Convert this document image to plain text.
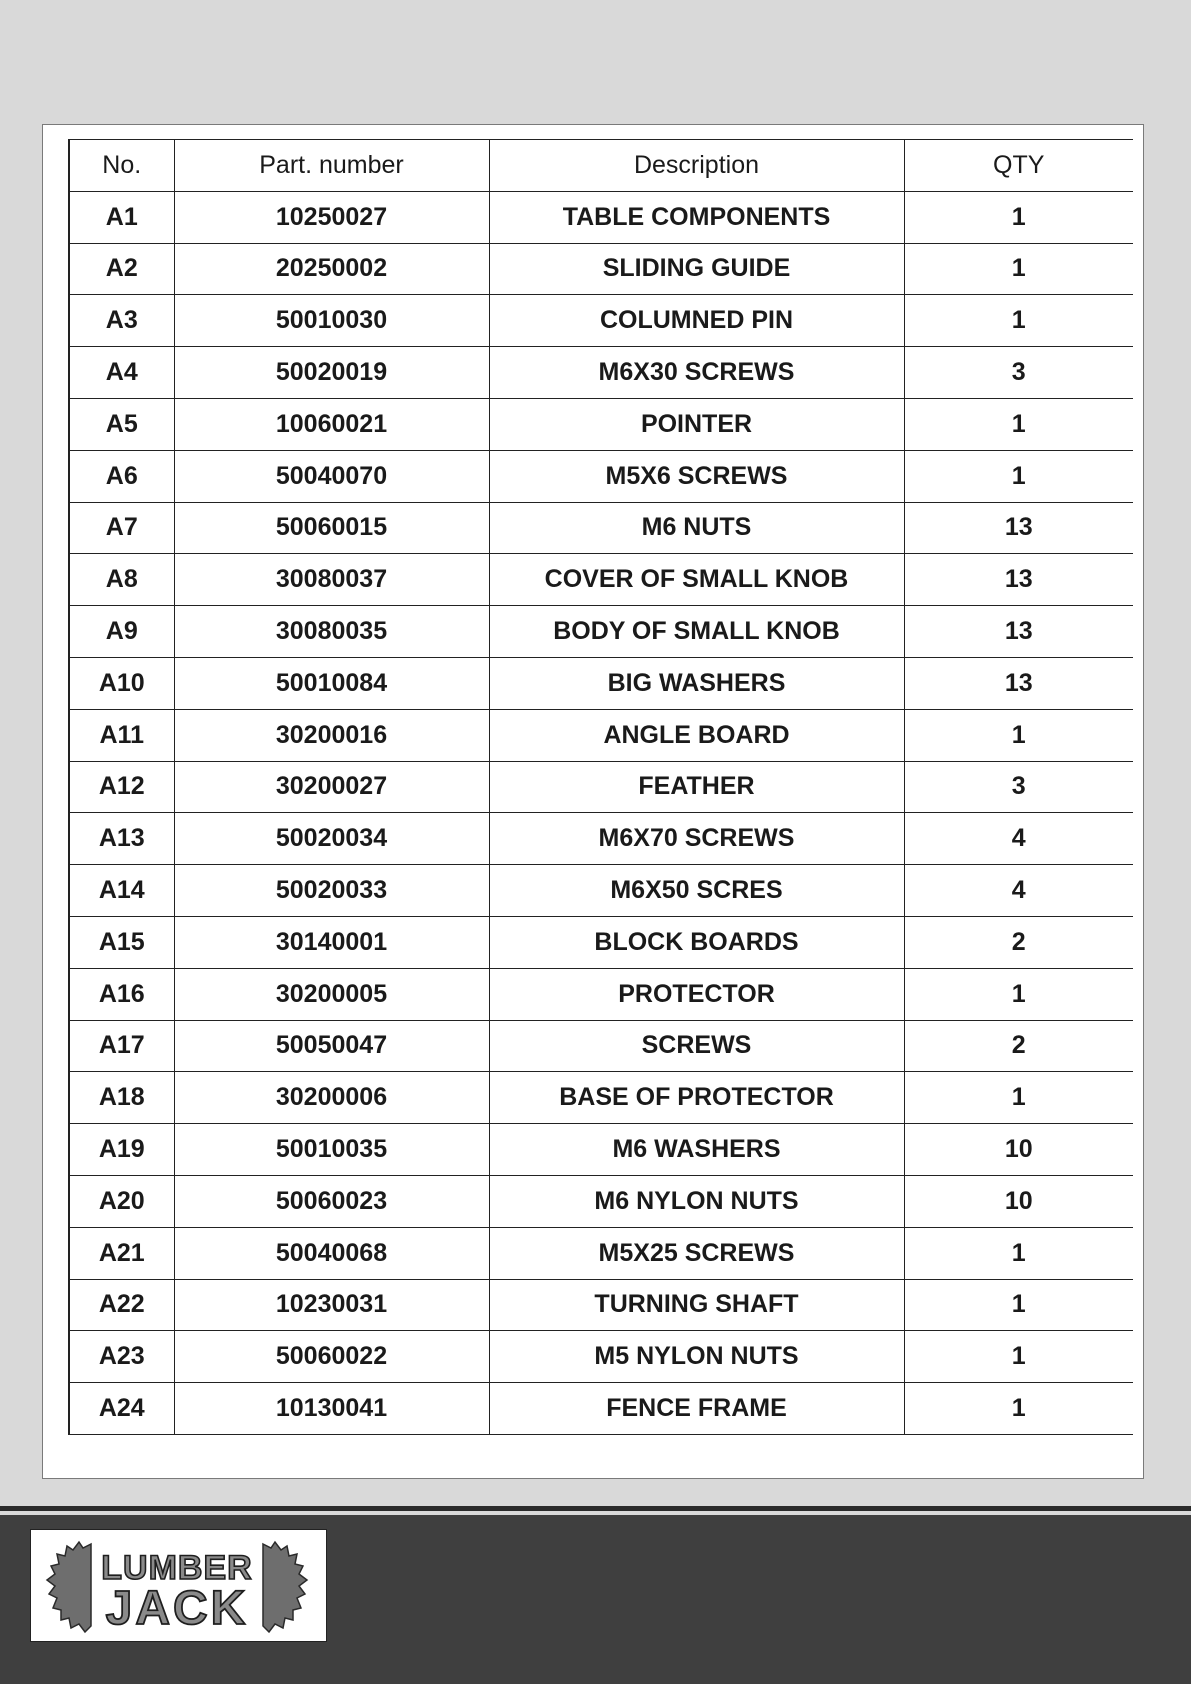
No.	Part. number	Description	QTY
A1	10250027	TABLE COMPONENTS	1
A2	20250002	SLIDING GUIDE	1
A3	50010030	COLUMNED PIN	1
A4	50020019	M6X30 SCREWS	3
A5	10060021	POINTER	1
A6	50040070	M5X6 SCREWS	1
A7	50060015	M6 NUTS	13
A8	30080037	COVER OF SMALL KNOB	13
A9	30080035	BODY OF SMALL KNOB	13
A10	50010084	BIG WASHERS	13
A11	30200016	ANGLE BOARD	1
A12	30200027	FEATHER	3
A13	50020034	M6X70 SCREWS	4
A14	50020033	M6X50 SCRES	4
A15	30140001	BLOCK BOARDS	2
A16	30200005	PROTECTOR	1
A17	50050047	SCREWS	2
A18	30200006	BASE OF PROTECTOR	1
A19	50010035	M6 WASHERS	10
A20	50060023	M6 NYLON NUTS	10
A21	50040068	M5X25 SCREWS	1
A22	10230031	TURNING SHAFT	1
A23	50060022	M5 NYLON NUTS	1
A24	10130041	FENCE FRAME	1
LUMBER
JACK
